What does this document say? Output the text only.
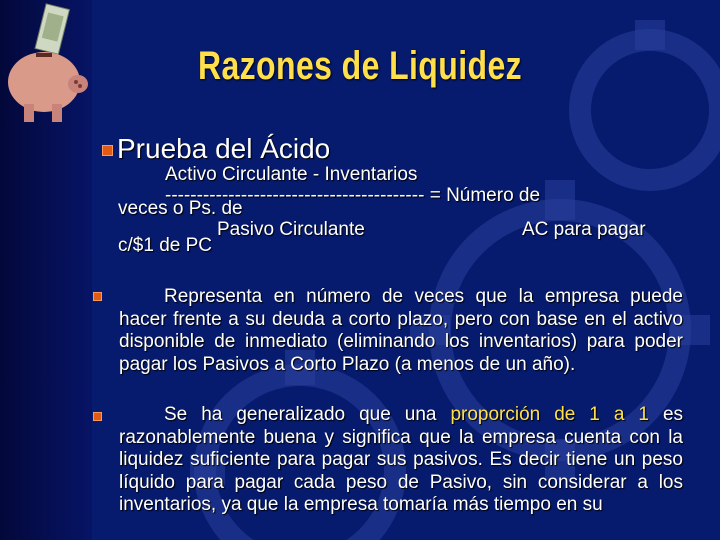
Razones de Liquidez
Prueba del Ácido
Activo Circulante - Inventarios
----------------------------------------- = Número de
veces o Ps. de
Pasivo Circulante	AC para pagar
c/$1 de PC
Representa en número de veces que la empresa puede hacer frente a su deuda a corto plazo, pero con base en el activo disponible de inmediato (eliminando los inventarios) para poder pagar los Pasivos a Corto Plazo (a menos de un año).
Se ha generalizado que una proporción de 1 a 1 es razonablemente buena y significa que la empresa cuenta con la liquidez suficiente para pagar sus pasivos. Es decir tiene un peso líquido para pagar cada peso de Pasivo, sin considerar a los inventarios, ya que la empresa tomaría más tiempo en su
